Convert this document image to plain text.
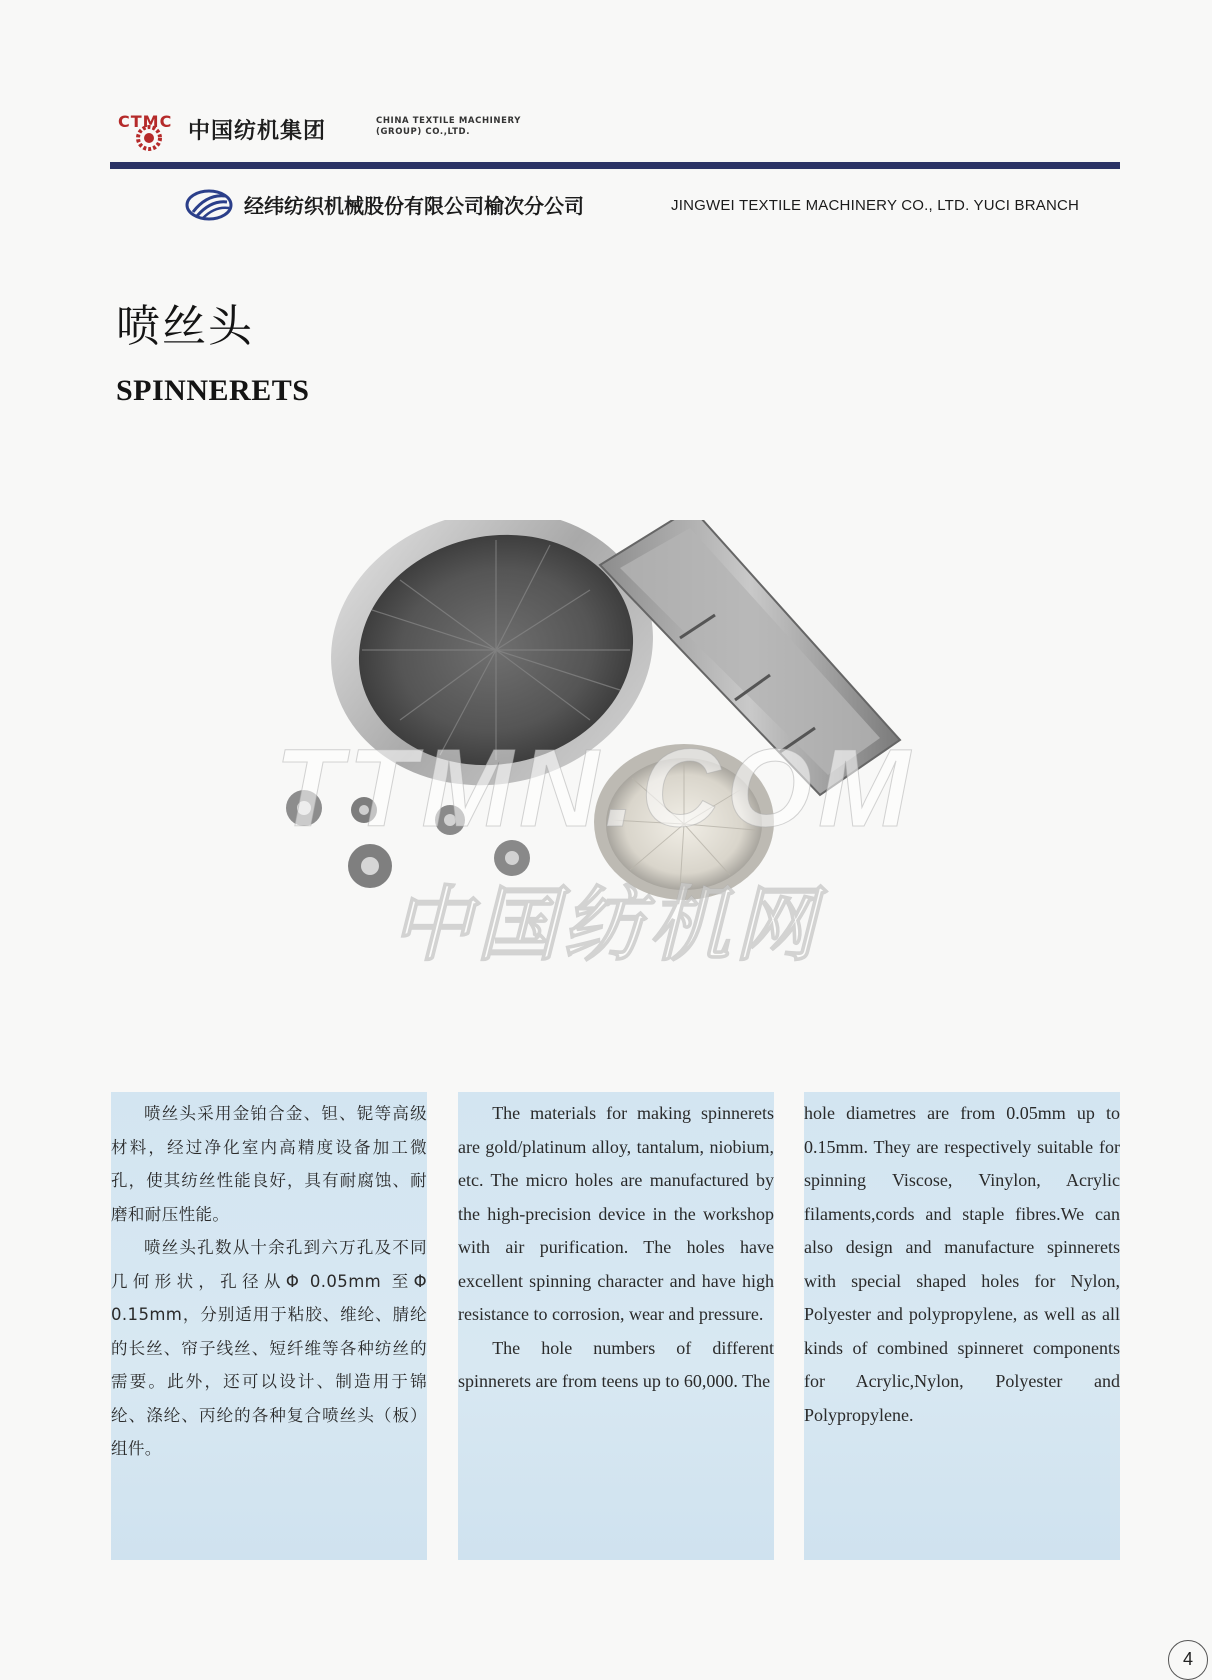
CTMC 中国纺机集团	CHINA TEXTILE MACHINERY
(GROUP) CO.,LTD.
经纬纺织机械股份有限公司榆次分公司	JINGWEI TEXTILE MACHINERY CO., LTD. YUCI BRANCH
喷丝头
SPINNERETS
TTMN.COM
中国纺机网

喷丝头采用金铂合金、钽、铌等高级材料，经过净化室内高精度设备加工微孔，使其纺丝性能良好，具有耐腐蚀、耐磨和耐压性能。

喷丝头孔数从十余孔到六万孔及不同几何形状，孔径从Φ 0.05mm 至Φ 0.15mm，分别适用于粘胶、维纶、腈纶的长丝、帘子线丝、短纤维等各种纺丝的需要。此外，还可以设计、制造用于锦纶、涤纶、丙纶的各种复合喷丝头（板）组件。

The materials for making spinnerets are gold/platinum alloy, tantalum, niobium, etc. The micro holes are manufactured by the high-precision device in the workshop with air purification. The holes have excellent spinning character and have high resistance to corrosion, wear and pressure.

The hole numbers of different spinnerets are from teens up to 60,000. The

hole diametres are from 0.05mm up to 0.15mm. They are respectively suitable for spinning Viscose, Vinylon, Acrylic filaments,cords and staple fibres.We can also design and manufacture spinnerets with special shaped holes for Nylon, Polyester and polypropylene, as well as all kinds of combined spinneret components for Acrylic,Nylon, Polyester and Polypropylene.

4
